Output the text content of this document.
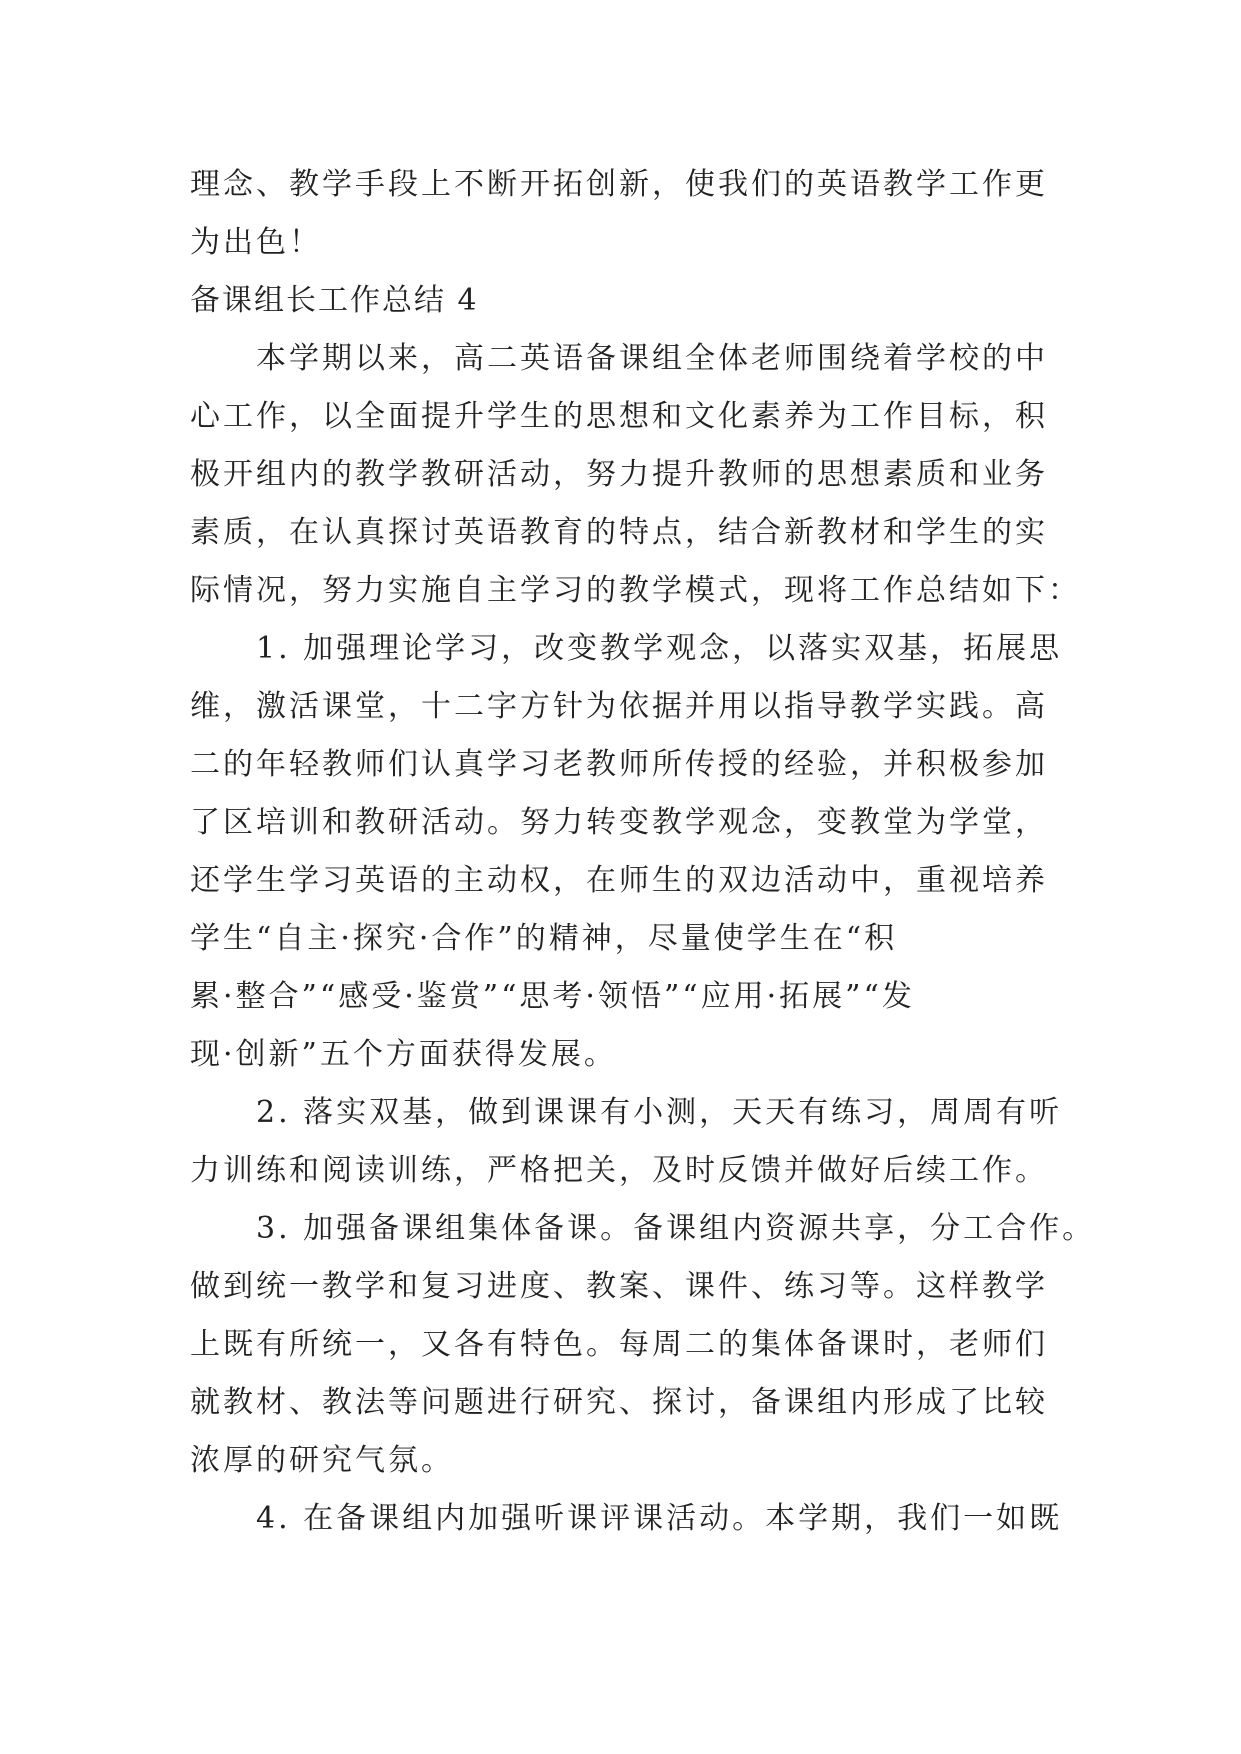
理念、教学手段上不断开拓创新，使我们的英语教学工作更
为出色！
备课组长工作总结 4
本学期以来，高二英语备课组全体老师围绕着学校的中
心工作，以全面提升学生的思想和文化素养为工作目标，积
极开组内的教学教研活动，努力提升教师的思想素质和业务
素质，在认真探讨英语教育的特点，结合新教材和学生的实
际情况，努力实施自主学习的教学模式，现将工作总结如下：
1. 加强理论学习，改变教学观念，以落实双基，拓展思
维，激活课堂，十二字方针为依据并用以指导教学实践。高
二的年轻教师们认真学习老教师所传授的经验，并积极参加
了区培训和教研活动。努力转变教学观念，变教堂为学堂，
还学生学习英语的主动权，在师生的双边活动中，重视培养
学生“自主·探究·合作”的精神，尽量使学生在“积
累·整合”“感受·鉴赏”“思考·领悟”“应用·拓展”“发
现·创新”五个方面获得发展。
2. 落实双基，做到课课有小测，天天有练习，周周有听
力训练和阅读训练，严格把关，及时反馈并做好后续工作。
3. 加强备课组集体备课。备课组内资源共享，分工合作。
做到统一教学和复习进度、教案、课件、练习等。这样教学
上既有所统一，又各有特色。每周二的集体备课时，老师们
就教材、教法等问题进行研究、探讨，备课组内形成了比较
浓厚的研究气氛。
4. 在备课组内加强听课评课活动。本学期，我们一如既
